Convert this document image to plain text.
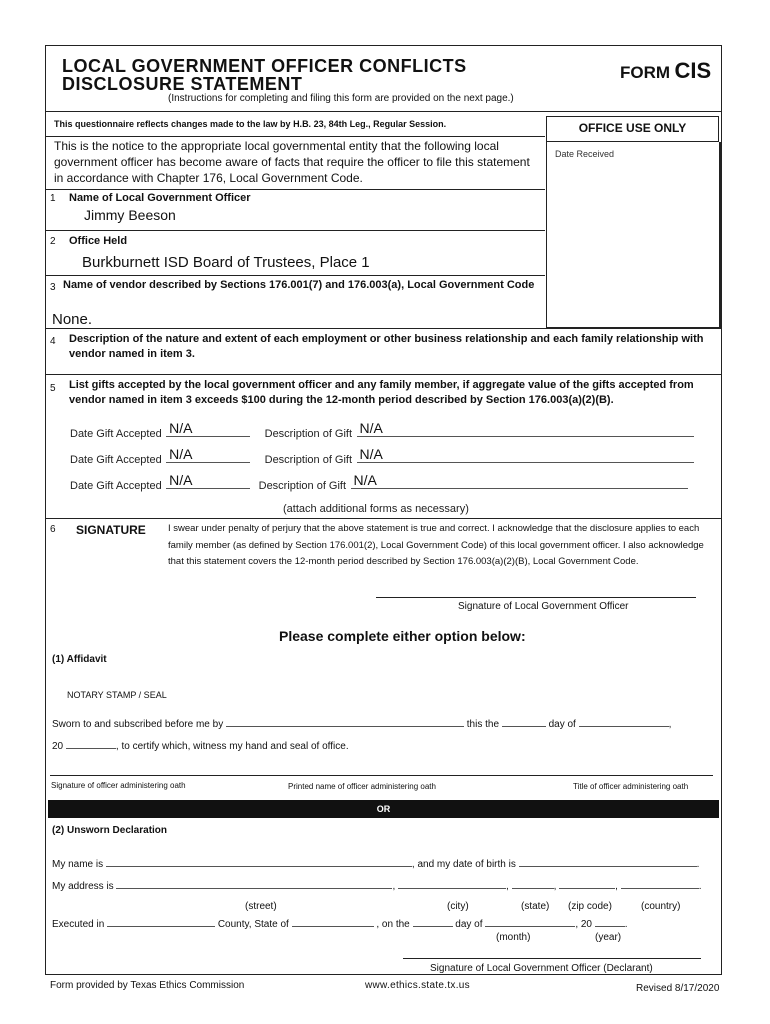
LOCAL GOVERNMENT OFFICER CONFLICTS
DISCLOSURE STATEMENT
FORM CIS
(Instructions for completing and filing this form are provided on the next page.)
This questionnaire reflects changes made to the law by H.B. 23, 84th Leg., Regular Session.	OFFICE USE ONLY
Date Received
This is the notice to the appropriate local governmental entity that the following local government officer has become aware of facts that require the officer to file this statement in accordance with Chapter 176, Local Government Code.
1 Name of Local Government Officer
Jimmy Beeson
2 Office Held
Burkburnett ISD Board of Trustees, Place 1
3 Name of vendor described by Sections 176.001(7) and 176.003(a), Local Government Code
None.
4 Description of the nature and extent of each employment or other business relationship and each family relationship with vendor named in item 3.
5 List gifts accepted by the local government officer and any family member, if aggregate value of the gifts accepted from vendor named in item 3 exceeds $100 during the 12-month period described by Section 176.003(a)(2)(B).
Date Gift Accepted N/A	Description of Gift N/A
Date Gift Accepted N/A	Description of Gift N/A
Date Gift Accepted N/A	Description of Gift N/A
(attach additional forms as necessary)
6 SIGNATURE I swear under penalty of perjury that the above statement is true and correct. I acknowledge that the disclosure applies to each family member (as defined by Section 176.001(2), Local Government Code) of this local government officer. I also acknowledge that this statement covers the 12-month period described by Section 176.003(a)(2)(B), Local Government Code.
Signature of Local Government Officer
Please complete either option below:
(1) Affidavit
NOTARY STAMP / SEAL
Sworn to and subscribed before me by	this the	day of	,
20	, to certify which, witness my hand and seal of office.
Signature of officer administering oath	Printed name of officer administering oath	Title of officer administering oath
OR
(2) Unsworn Declaration
My name is	, and my date of birth is	.
My address is	,	,	,	,	.
(street)	(city)	(state) (zip code)	(country)
Executed in	County, State of	, on the	day of	, 20	.
(month)	(year)
Signature of Local Government Officer (Declarant)
Form provided by Texas Ethics Commission	www.ethics.state.tx.us	Revised 8/17/2020
